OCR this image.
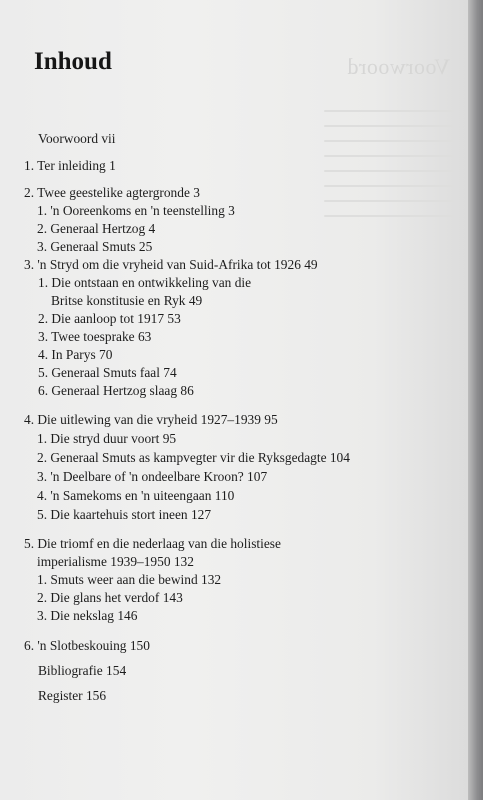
Voorwoord
Inhoud
Voorwoord vii
1. Ter inleiding 1
2. Twee geestelike agtergronde 3
1. 'n Ooreenkoms en 'n teenstelling 3
2. Generaal Hertzog 4
3. Generaal Smuts 25
3. 'n Stryd om die vryheid van Suid-Afrika tot 1926 49
1. Die ontstaan en ontwikkeling van die
Britse konstitusie en Ryk 49
2. Die aanloop tot 1917 53
3. Twee toesprake 63
4. In Parys 70
5. Generaal Smuts faal 74
6. Generaal Hertzog slaag 86
4. Die uitlewing van die vryheid 1927–1939 95
1. Die stryd duur voort 95
2. Generaal Smuts as kampvegter vir die Ryksgedagte 104
3. 'n Deelbare of 'n ondeelbare Kroon? 107
4. 'n Samekoms en 'n uiteengaan 110
5. Die kaartehuis stort ineen 127
5. Die triomf en die nederlaag van die holistiese
imperialisme 1939–1950 132
1. Smuts weer aan die bewind 132
2. Die glans het verdof 143
3. Die nekslag 146
6. 'n Slotbeskouing 150
Bibliografie 154
Register 156
